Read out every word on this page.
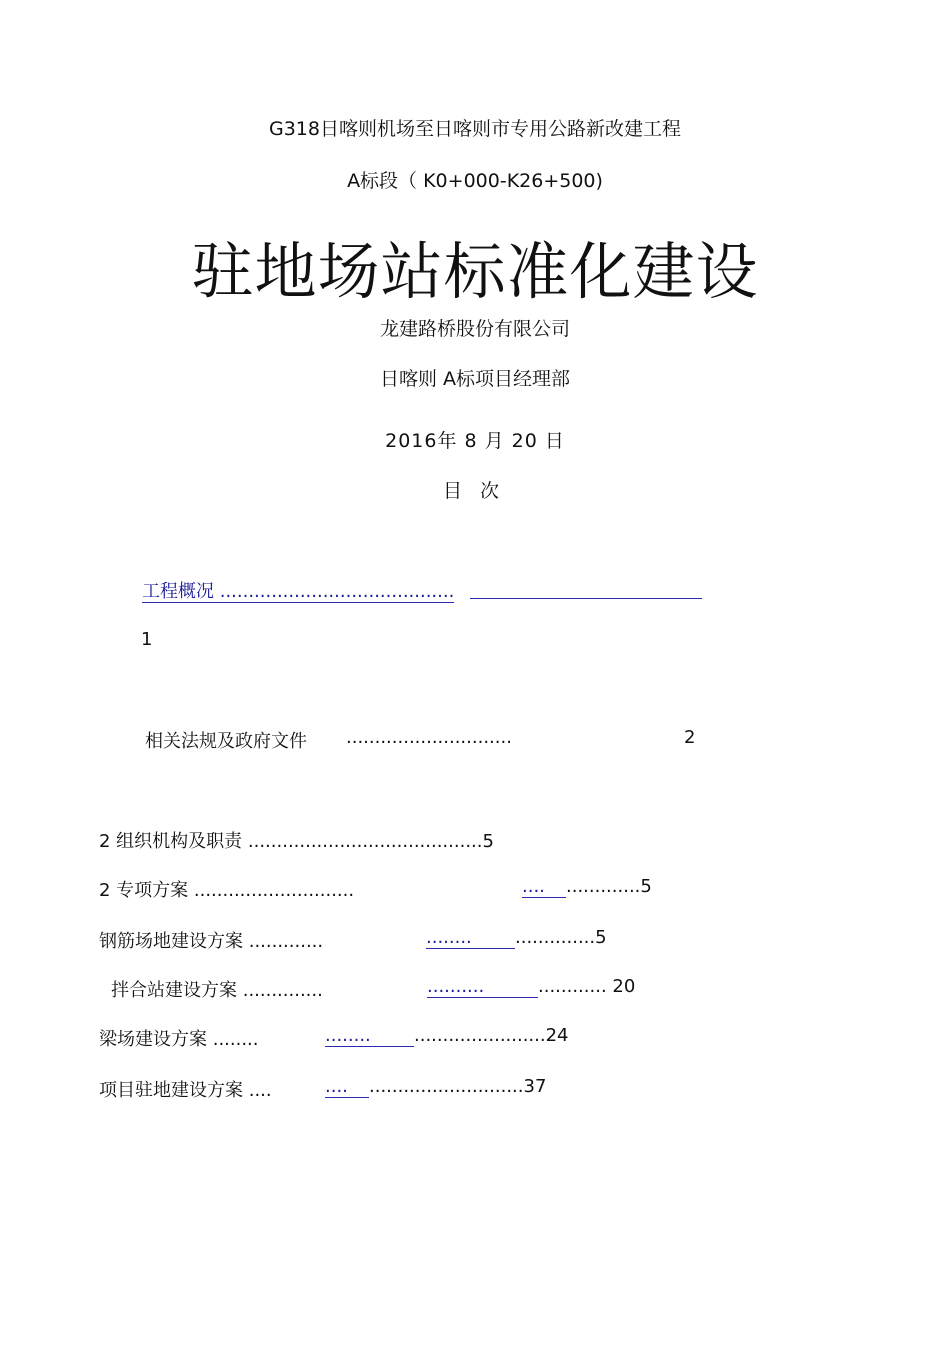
G318日喀则机场至日喀则市专用公路新改建工程
A标段（ K0+000-K26+500)
驻地场站标准化建设
龙建路桥股份有限公司
日喀则 A标项目经理部
2016年 8 月 20 日
目次
工程概况 .........................................
1
相关法规及政府文件 .............................	2
2 组织机构及职责 .........................................5
2 专项方案 ............................	.... .............5
钢筋场地建设方案 .............	........ ..............5
拌合站建设方案 ..............	..........	............ 20
梁场建设方案 ........	........ .......................24
项目驻地建设方案 ....	.... ...........................37
